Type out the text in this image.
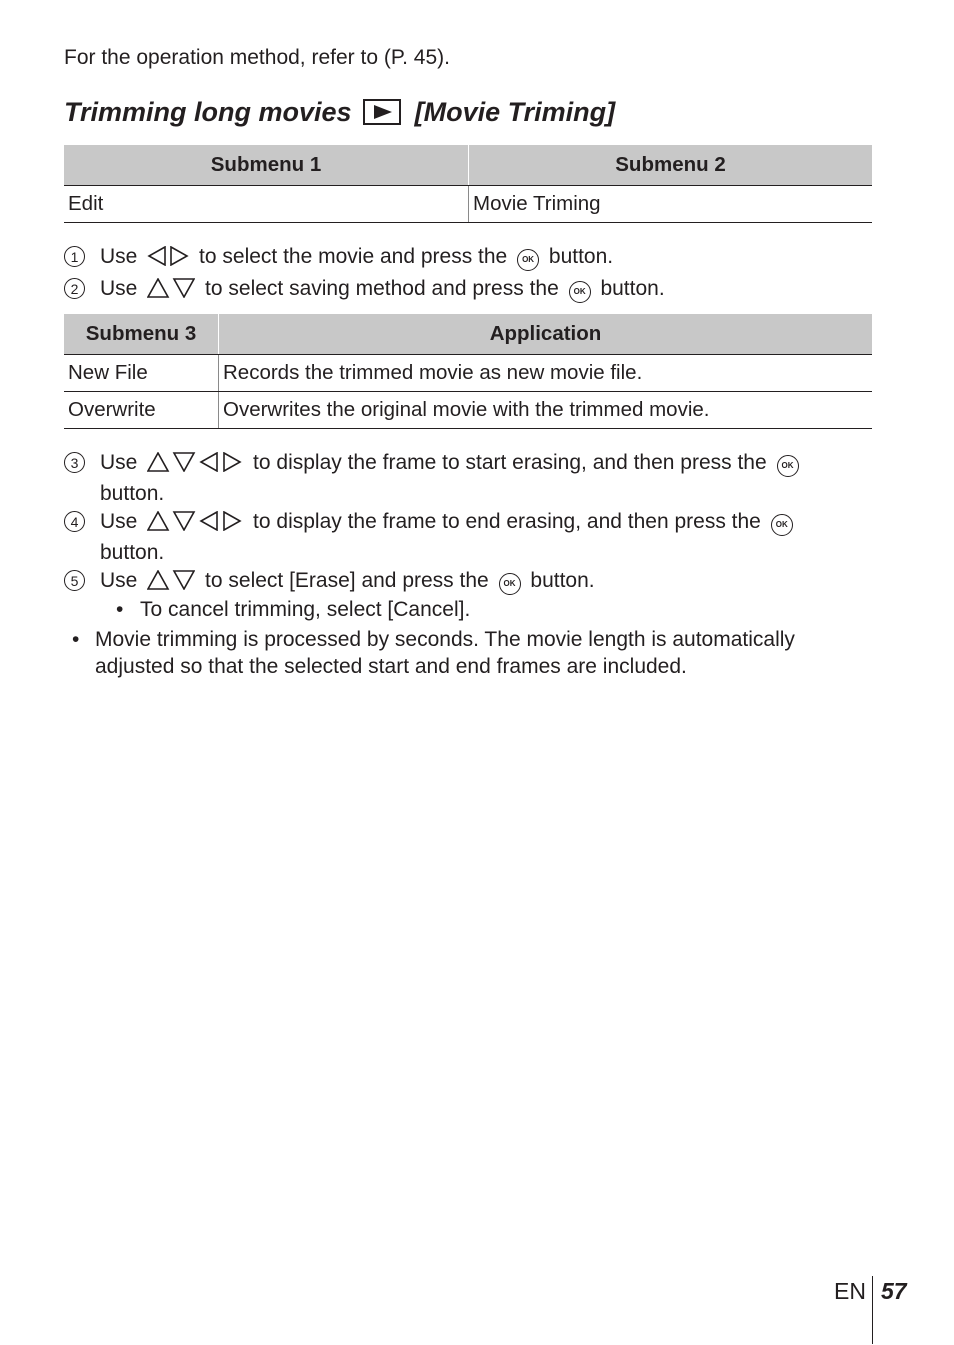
For the operation method, refer to (P. 45).

Trimming long movies [Movie Triming]
Submenu 1	Submenu 2
Edit	Movie Triming
1	Use	to select the movie and press the OK button.
2	Use	to select saving method and press the OK button.
Submenu 3	Application
New File	Records the trimmed movie as new movie file.
Overwrite	Overwrites the original movie with the trimmed movie.
3	Use	to display the frame to start erasing, and then press the OK button.
4	Use	to display the frame to end erasing, and then press the OK button.
5	Use	to select [Erase] and press the OK button.
• To cancel trimming, select [Cancel].
• Movie trimming is processed by seconds. The movie length is automatically adjusted so that the selected start and end frames are included.
EN 57
